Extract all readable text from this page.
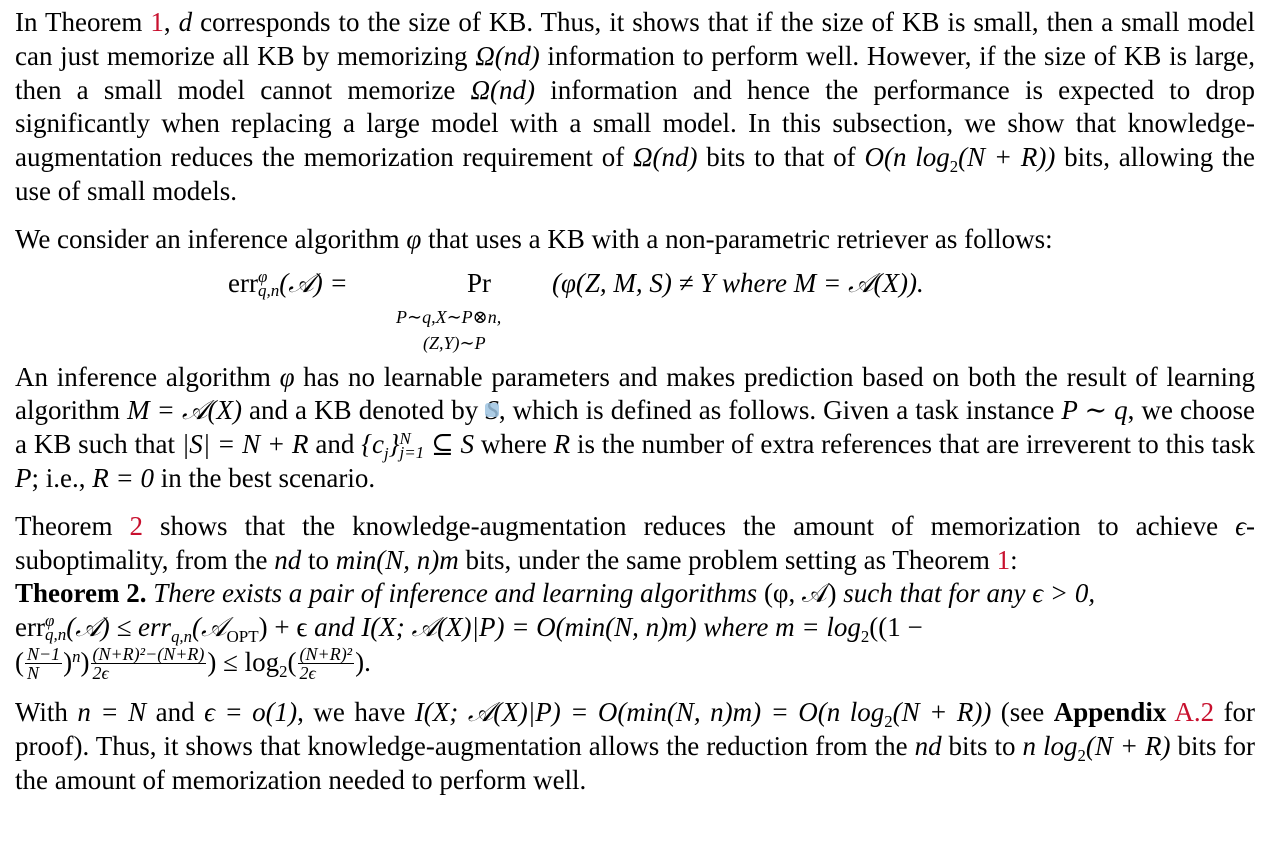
In Theorem 1, d corresponds to the size of KB. Thus, it shows that if the size of KB is small, then a small model can just memorize all KB by memorizing Ω(nd) information to perform well. However, if the size of KB is large, then a small model cannot memorize Ω(nd) information and hence the performance is expected to drop significantly when replacing a large model with a small model. In this subsection, we show that knowledge-augmentation reduces the memorization requirement of Ω(nd) bits to that of O(n $\log_2(N + R)$) bits, allowing the use of small models.

We consider an inference algorithm φ that uses a KB with a non-parametric retriever as follows:

err φ
q,n (𝒜) =	Pr
P∼q,X∼P⊗n,
(Z,Y)∼P
(φ(Z, M, S) ≠ Y where M = 𝒜(X)).

An inference algorithm φ has no learnable parameters and makes prediction based on both the result of learning algorithm M = 𝒜(X) and a KB denoted by , which is defined as follows. Given a task instance P ∼ q, we choose a KB such that |S| = N + R and $\{c_j\}$ N
j=1 ⊆ S where R is the number of extra references that are irreverent to this task P; i.e., R = 0 in the best scenario.

Theorem 2 shows that the knowledge-augmentation reduces the amount of memorization to achieve ϵ-suboptimality, from the nd to min(N, n)m bits, under the same problem setting as Theorem 1:

Theorem 2. There exists a pair of inference and learning algorithms (φ, 𝒜) such that for any ϵ > 0,
err φ
q,n (𝒜) ≤ err$_{q,n}$(𝒜$_{OPT}$) + ϵ and I(X; 𝒜(X)|P) = O(min(N, n)m) where $m = \log_2((1$ −
( $\frac{N-1}{N} )^n) \frac{\text{(N+R)²−(N+R)}}{2\epsilon}$ ) ≤ $\log_2( \frac{\text{(N+R)²}}{2\epsilon}$ ).

With n = N and ϵ = o(1), we have I(X; 𝒜(X)|P) = O(min(N, n)m) = O(n $\log_2(N + R)$) (see Appendix A.2 for proof). Thus, it shows that knowledge-augmentation allows the reduction from the nd bits to n $\log_2(N + R)$ bits for the amount of memorization needed to perform well.
